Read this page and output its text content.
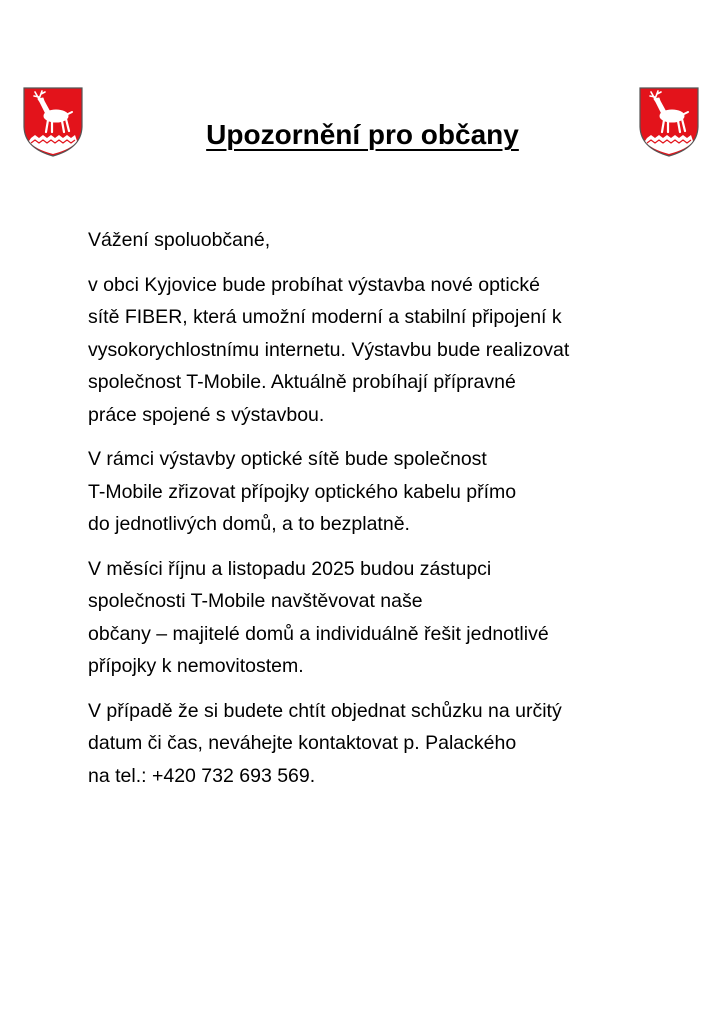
Upozornění pro občany

Vážení spoluobčané,

v obci Kyjovice bude probíhat výstavba nové optické
sítě FIBER, která umožní moderní a stabilní připojení k
vysokorychlostnímu internetu. Výstavbu bude realizovat
společnost T-Mobile. Aktuálně probíhají přípravné
práce spojené s výstavbou.

V rámci výstavby optické sítě bude společnost
T-Mobile zřizovat přípojky optického kabelu přímo
do jednotlivých domů, a to bezplatně.

V měsíci říjnu a listopadu 2025 budou zástupci
společnosti T-Mobile navštěvovat naše
občany – majitelé domů a individuálně řešit jednotlivé
přípojky k nemovitostem.

V případě že si budete chtít objednat schůzku na určitý
datum či čas, neváhejte kontaktovat p. Palackého
na tel.: +420 732 693 569.
